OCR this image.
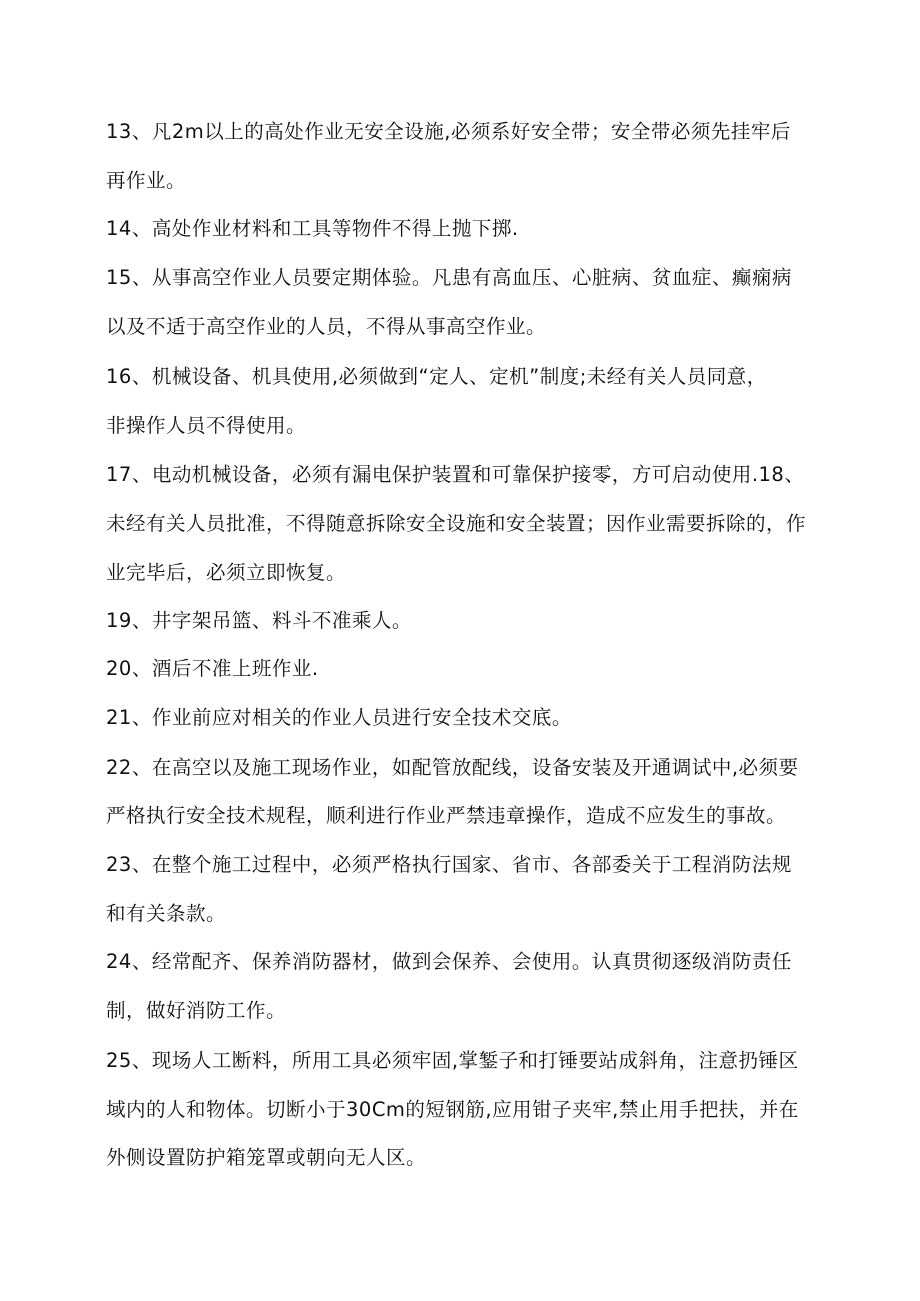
13、凡2m以上的高处作业无安全设施,必须系好安全带；安全带必须先挂牢后
再作业。
14、高处作业材料和工具等物件不得上抛下掷.
15、从事高空作业人员要定期体验。凡患有高血压、心脏病、贫血症、癫痫病
以及不适于高空作业的人员，不得从事高空作业。
16、机械设备、机具使用,必须做到“定人、定机”制度;未经有关人员同意，
非操作人员不得使用。
17、电动机械设备，必须有漏电保护装置和可靠保护接零，方可启动使用.18、
未经有关人员批准，不得随意拆除安全设施和安全装置；因作业需要拆除的，作
业完毕后，必须立即恢复。
19、井字架吊篮、料斗不准乘人。
20、酒后不准上班作业.
21、作业前应对相关的作业人员进行安全技术交底。
22、在高空以及施工现场作业，如配管放配线，设备安装及开通调试中,必须要
严格执行安全技术规程，顺利进行作业严禁违章操作，造成不应发生的事故。
23、在整个施工过程中，必须严格执行国家、省市、各部委关于工程消防法规
和有关条款。
24、经常配齐、保养消防器材，做到会保养、会使用。认真贯彻逐级消防责任
制，做好消防工作。
25、现场人工断料，所用工具必须牢固,掌錾子和打锤要站成斜角，注意扔锤区
域内的人和物体。切断小于30Cm的短钢筋,应用钳子夹牢,禁止用手把扶，并在
外侧设置防护箱笼罩或朝向无人区。
